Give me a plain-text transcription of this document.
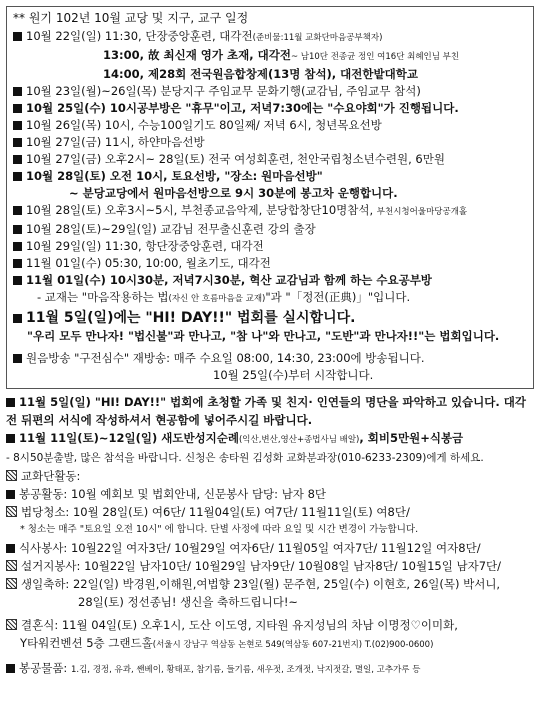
** 원기 102년 10월 교당 및 지구, 교구 일정
10월 22일(일) 11:30, 단장중앙훈련, 대각전(준비물:11월 교화단마음공부책자)
13:00, 故 최신재 영가 초재, 대각전~ 남10단 전종균 정인 여16단 최혜인님 부친
14:00, 제28회 전국원음합창제(13명 참석), 대전한밭대학교
10월 23일(월)~26일(목) 분당지구 주임교무 문화기행(교감님, 주임교무 참석)
10월 25일(수) 10시공부방은 "휴무"이고, 저녁7:30에는 "수요야회"가 진행됩니다.
10월 26일(목) 10시, 수능100일기도 80일째/ 저녁 6시, 청년목요선방
10월 27일(금) 11시, 하얀마음선방
10월 27일(금) 오후2시~ 28일(토) 전국 여성회훈련, 천안국립청소년수련원, 6만원
10월 28일(토) 오전 10시, 토요선방, "장소: 원마음선방"
~ 분당교당에서 원마음선방으로 9시 30분에 봉고차 운행합니다.
10월 28일(토) 오후3시~5시, 부천종교음악제, 분당합창단10명참석, 부천시청어울마당공개홀
10월 28일(토)~29일(일) 교감님 전무출신훈련 강의 출장
10월 29일(일) 11:30, 항단장중앙훈련, 대각전
11월 01일(수) 05:30, 10:00, 월초기도, 대각전
11월 01일(수) 10시30분, 저녁7시30분, 혁산 교감님과 함께 하는 수요공부방
- 교재는 "마음작용하는 법(자신 안 흐름마음을 교재)"과 "「정전(正典)」"입니다.
11월 5일(일)에는 "HI! DAY!!" 법회를 실시합니다.
"우리 모두 만나자! "법신불"과 만나고, "참 나"와 만나고, "도반"과 만나자!!"는 법회입니다.
원음방송 "구전심수" 재방송: 매주 수요일 08:00, 14:30, 23:00에 방송됩니다.
10월 25일(수)부터 시작합니다.
11월 5일(일) "HI! DAY!!" 법회에 초청할 가족 및 친지· 인연들의 명단을 파악하고 있습니다. 대각전 뒤편의 서식에 작성하셔서 현공함에 넣어주시길 바랍니다.
11월 11일(토)~12일(일) 새도반성지순례(익산,변산,영산+종법사님 배알), 회비5만원+식봉금
- 8시50분출발, 많은 참석을 바랍니다. 신청은 송타원 김성화 교화분과장(010-6233-2309)에게 하세요.
교화단활동:
봉공활동: 10월 예회보 및 법회안내, 신문봉사 담당: 남자 8단
법당청소: 10월 28일(토) 여6단/ 11월04일(토) 여7단/ 11월11일(토) 여8단/
* 청소는 매주 "토요일 오전 10시" 에 합니다. 단별 사정에 따라 요일 및 시간 변경이 가능합니다.
식사봉사: 10월22일 여자3단/ 10월29일 여자6단/ 11월05일 여자7단/ 11월12일 여자8단/
설거지봉사: 10월22일 남자10단/ 10월29일 남자9단/ 10월08일 남자8단/ 10월15일 남자7단/
생일축하: 22일(일) 박경원,이해원,여법향 23일(월) 문주현, 25일(수) 이현호, 26일(목) 박서니,
28일(토) 정선종님! 생신을 축하드립니다!~
결혼식: 11월 04일(토) 오후1시, 도산 이도영, 지타원 유지성님의 차남 이명정♡이미화,
Y타워컨벤션 5층 그랜드홀(서울시 강남구 역삼동 논현로 549(역삼동 607-21번지) T.(02)900-0600)
봉공물품: 1.김, 경정, 유과, 쌘베이, 황태포, 참기름, 들기름, 새우젓, 조개젓, 낙지젓갈, 멸일, 고추가루 등
